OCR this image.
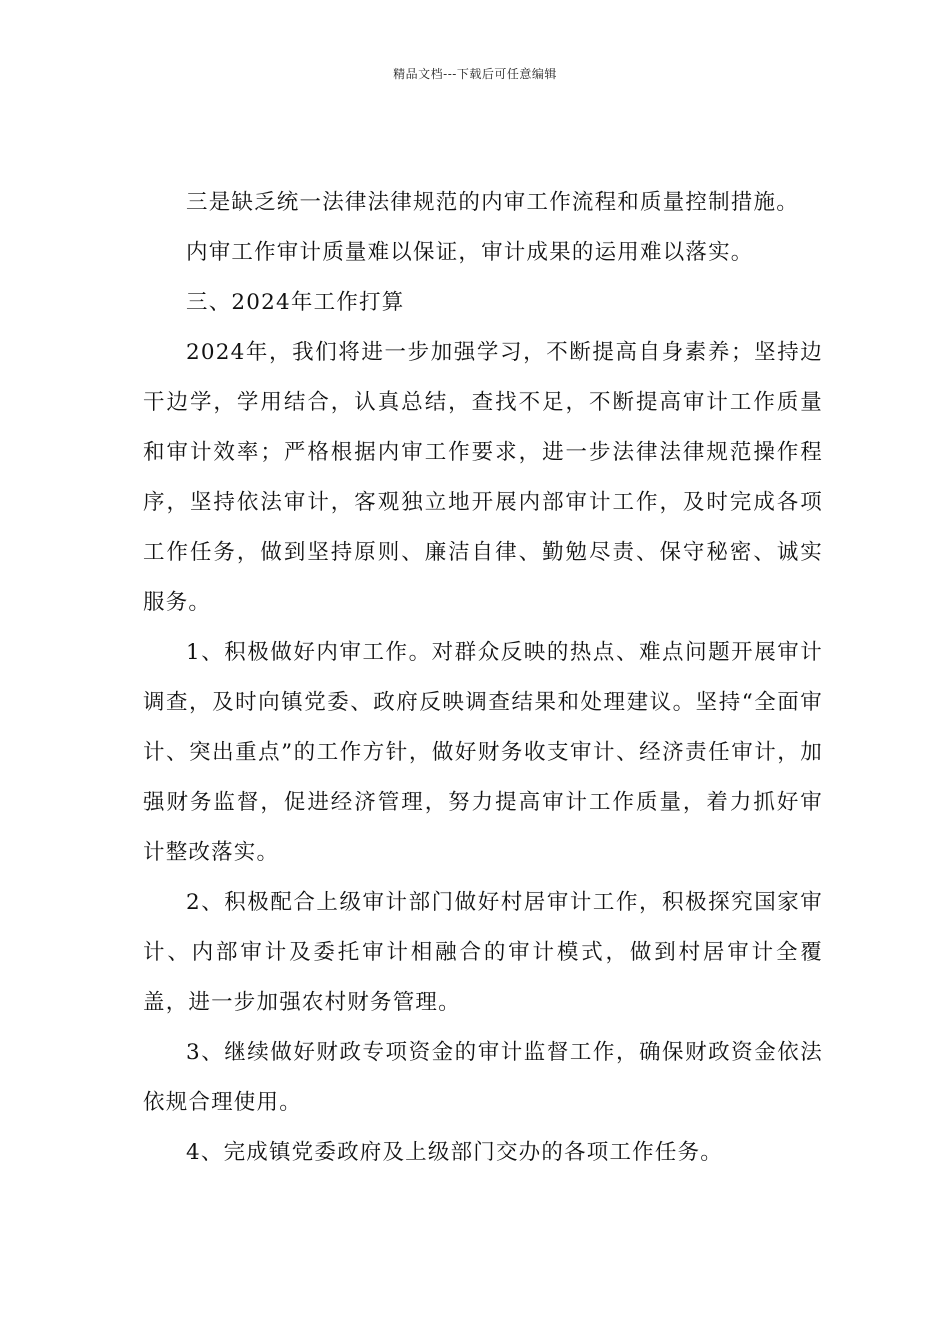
精品文档---下载后可任意编辑

三是缺乏统一法律法律规范的内审工作流程和质量控制措施。

内审工作审计质量难以保证，审计成果的运用难以落实。

三、2024年工作打算

2024年，我们将进一步加强学习，不断提高自身素养；坚持边干边学，学用结合，认真总结，查找不足，不断提高审计工作质量和审计效率；严格根据内审工作要求，进一步法律法律规范操作程序，坚持依法审计，客观独立地开展内部审计工作，及时完成各项工作任务，做到坚持原则、廉洁自律、勤勉尽责、保守秘密、诚实服务。

1、积极做好内审工作。对群众反映的热点、难点问题开展审计调查，及时向镇党委、政府反映调查结果和处理建议。坚持“全面审计、突出重点”的工作方针，做好财务收支审计、经济责任审计，加强财务监督，促进经济管理，努力提高审计工作质量，着力抓好审计整改落实。

2、积极配合上级审计部门做好村居审计工作，积极探究国家审计、内部审计及委托审计相融合的审计模式，做到村居审计全覆盖，进一步加强农村财务管理。

3、继续做好财政专项资金的审计监督工作，确保财政资金依法依规合理使用。

4、完成镇党委政府及上级部门交办的各项工作任务。
